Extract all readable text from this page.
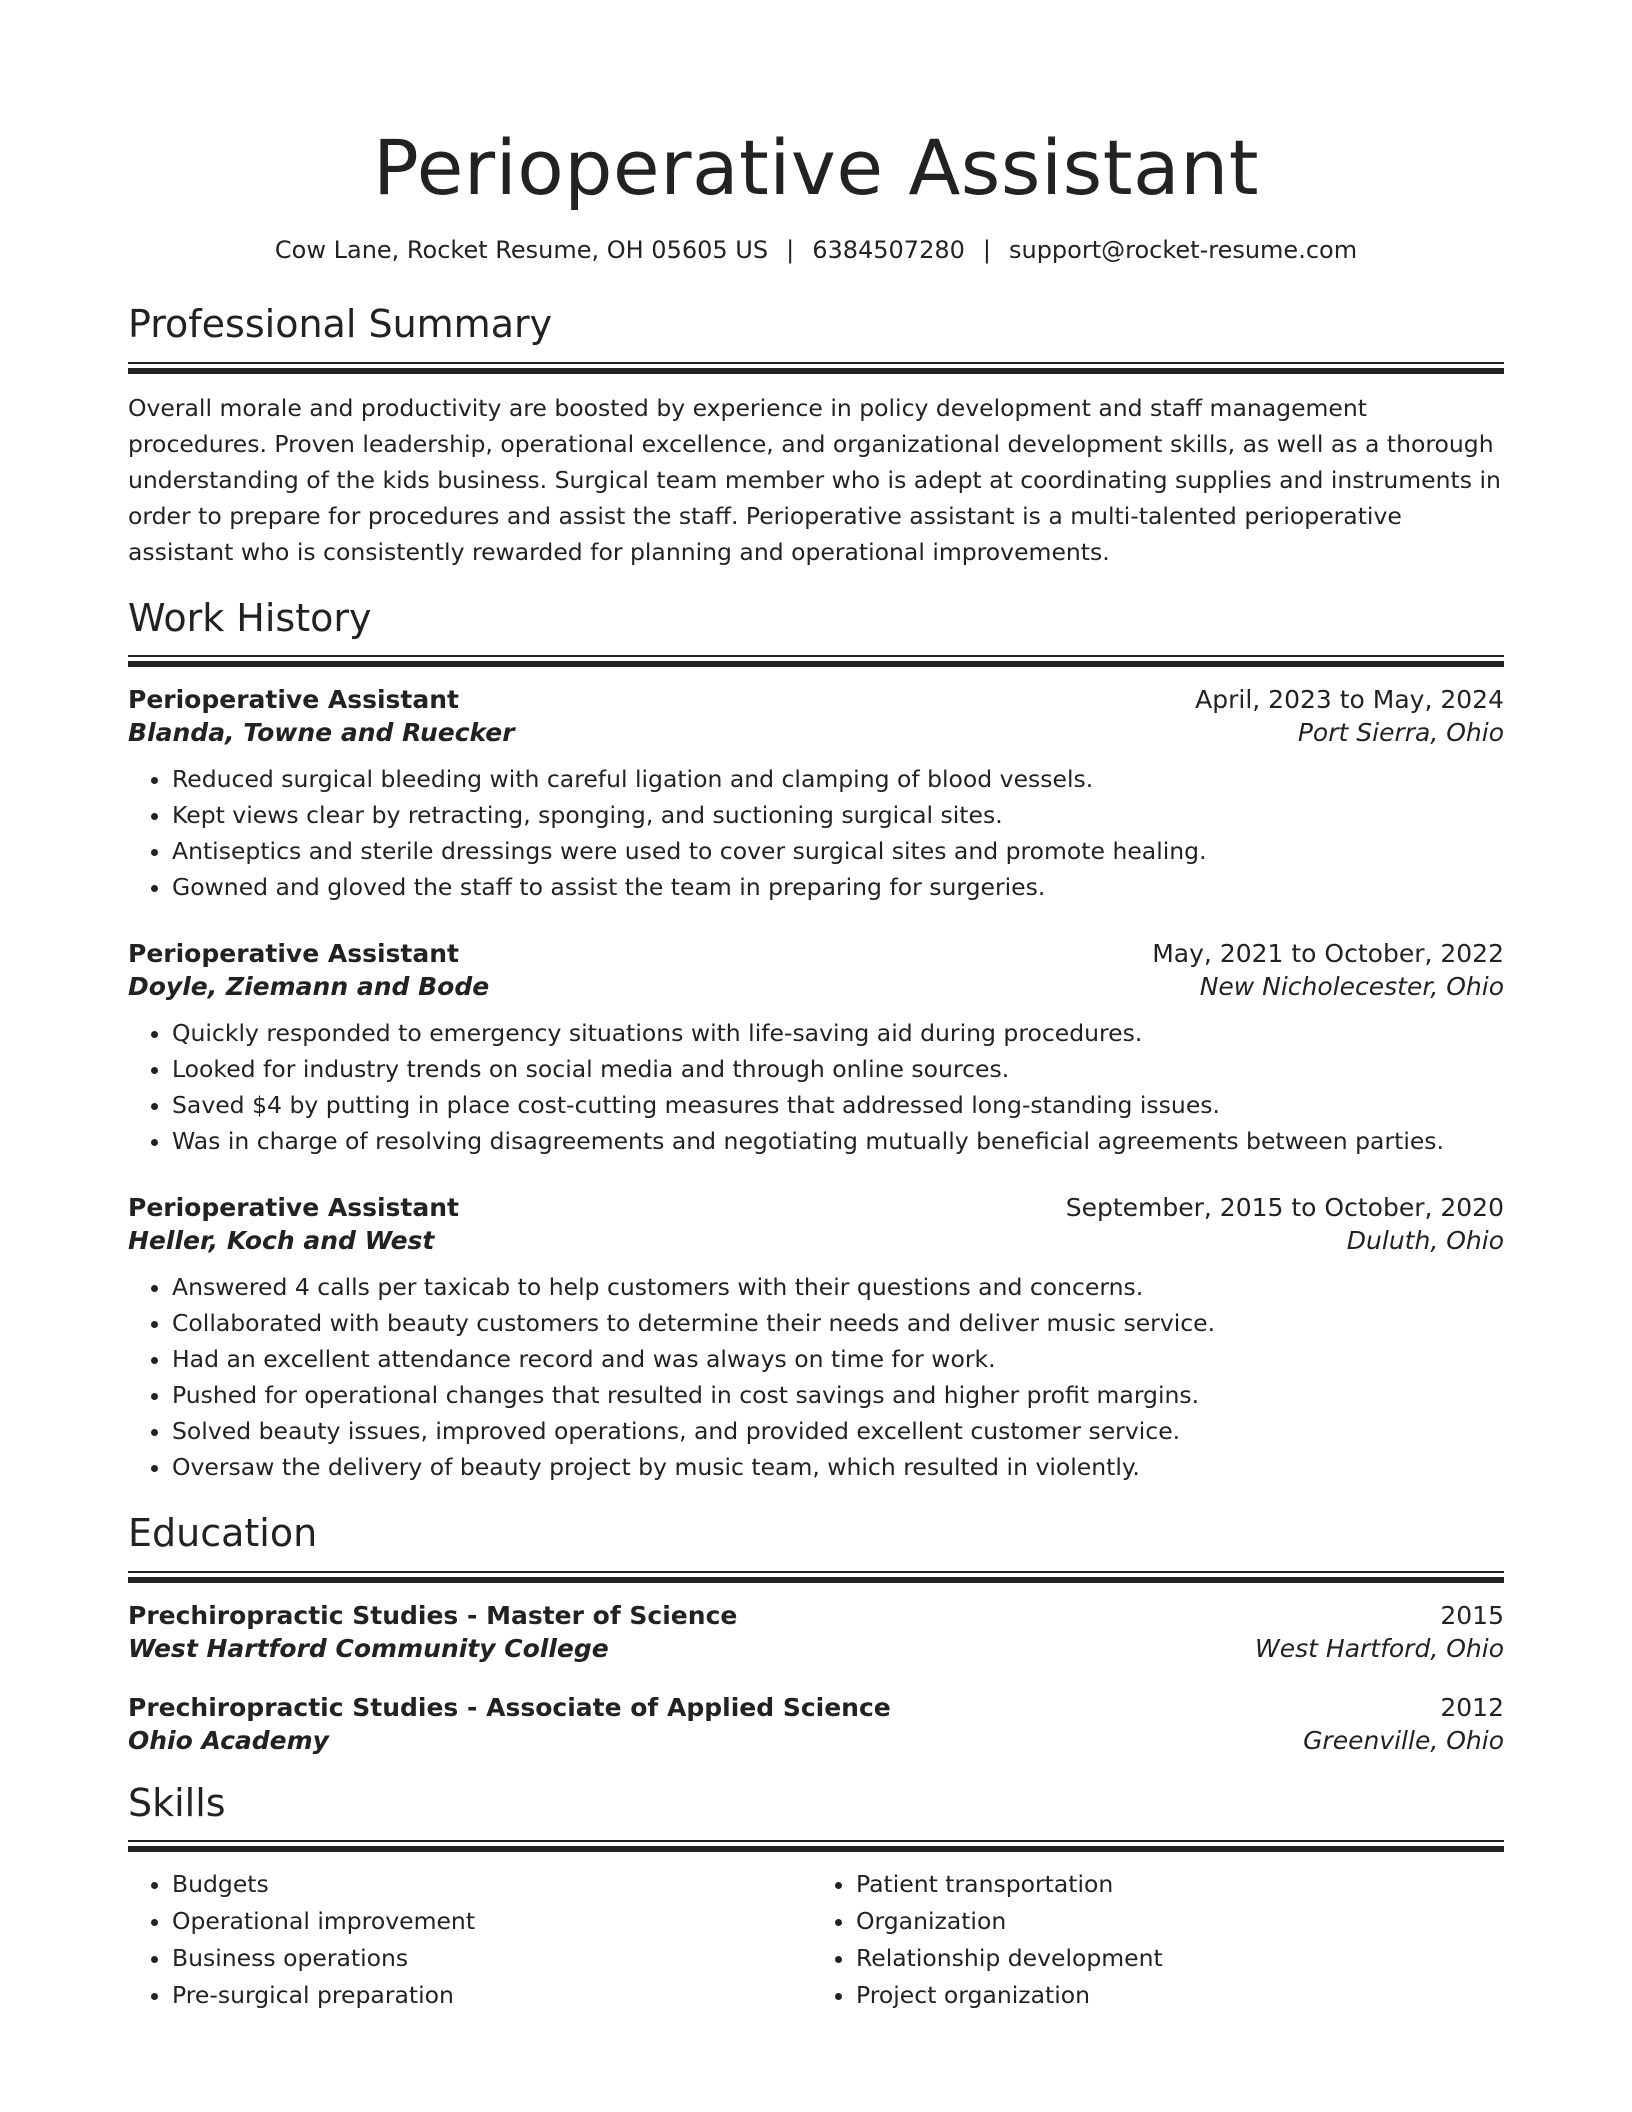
Perioperative Assistant
Cow Lane, Rocket Resume, OH 05605 US | 6384507280 | support@rocket-resume.com
Professional Summary

Overall morale and productivity are boosted by experience in policy development and staff management procedures. Proven leadership, operational excellence, and organizational development skills, as well as a thorough understanding of the kids business. Surgical team member who is adept at coordinating supplies and instruments in order to prepare for procedures and assist the staff. Perioperative assistant is a multi-talented perioperative assistant who is consistently rewarded for planning and operational improvements.

Work History
Perioperative Assistant	April, 2023 to May, 2024
Blanda, Towne and Ruecker	Port Sierra, Ohio
• Reduced surgical bleeding with careful ligation and clamping of blood vessels.
• Kept views clear by retracting, sponging, and suctioning surgical sites.
• Antiseptics and sterile dressings were used to cover surgical sites and promote healing.
• Gowned and gloved the staff to assist the team in preparing for surgeries.
Perioperative Assistant	May, 2021 to October, 2022
Doyle, Ziemann and Bode	New Nicholecester, Ohio
• Quickly responded to emergency situations with life-saving aid during procedures.
• Looked for industry trends on social media and through online sources.
• Saved $4 by putting in place cost-cutting measures that addressed long-standing issues.
• Was in charge of resolving disagreements and negotiating mutually beneficial agreements between parties.
Perioperative Assistant	September, 2015 to October, 2020
Heller, Koch and West	Duluth, Ohio
• Answered 4 calls per taxicab to help customers with their questions and concerns.
• Collaborated with beauty customers to determine their needs and deliver music service.
• Had an excellent attendance record and was always on time for work.
• Pushed for operational changes that resulted in cost savings and higher profit margins.
• Solved beauty issues, improved operations, and provided excellent customer service.
• Oversaw the delivery of beauty project by music team, which resulted in violently.
Education
Prechiropractic Studies - Master of Science	2015
West Hartford Community College	West Hartford, Ohio
Prechiropractic Studies - Associate of Applied Science	2012
Ohio Academy	Greenville, Ohio
Skills
• Budgets
• Operational improvement
• Business operations
• Pre-surgical preparation
• Patient transportation
• Organization
• Relationship development
• Project organization
